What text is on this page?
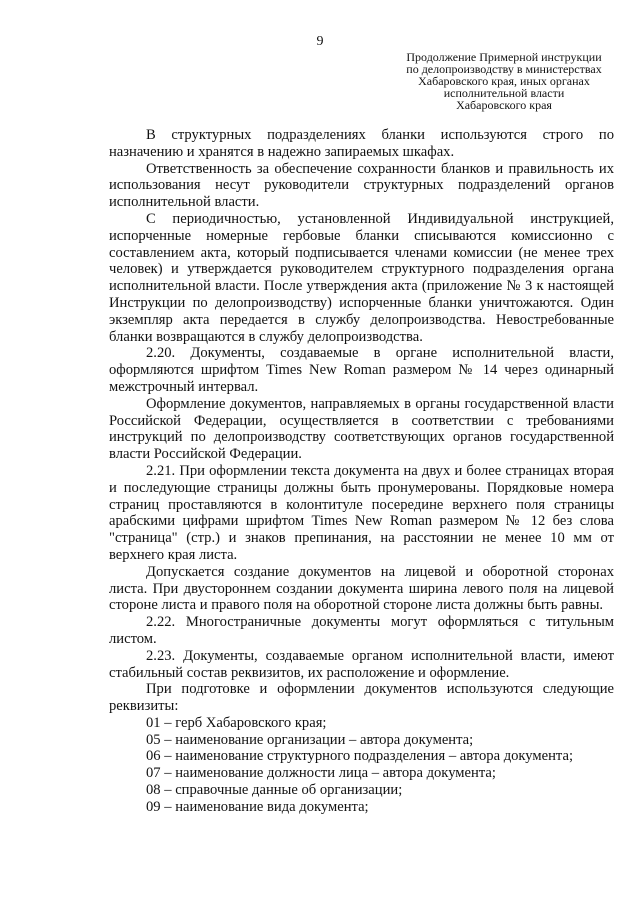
9
Продолжение Примерной инструкции
по делопроизводству в министерствах
Хабаровского края, иных органах
исполнительной власти
Хабаровского края

В структурных подразделениях бланки используются строго по назначению и хранятся в надежно запираемых шкафах.

Ответственность за обеспечение сохранности бланков и правильность их использования несут руководители структурных подразделений органов исполнительной власти.

С периодичностью, установленной Индивидуальной инструкцией, испорченные номерные гербовые бланки списываются комиссионно с составлением акта, который подписывается членами комиссии (не менее трех человек) и утверждается руководителем структурного подразделения органа исполнительной власти. После утверждения акта (приложение № 3 к настоящей Инструкции по делопроизводству) испорченные бланки уничтожаются. Один экземпляр акта передается в службу делопроизводства. Невостребованные бланки возвращаются в службу делопроизводства.

2.20. Документы, создаваемые в органе исполнительной власти, оформляются шрифтом Times New Roman размером № 14 через одинарный межстрочный интервал.

Оформление документов, направляемых в органы государственной власти Российской Федерации, осуществляется в соответствии с требованиями инструкций по делопроизводству соответствующих органов государственной власти Российской Федерации.

2.21. При оформлении текста документа на двух и более страницах вторая и последующие страницы должны быть пронумерованы. Порядковые номера страниц проставляются в колонтитуле посередине верхнего поля страницы арабскими цифрами шрифтом Times New Roman размером № 12 без слова "страница" (стр.) и знаков препинания, на расстоянии не менее 10 мм от верхнего края листа.

Допускается создание документов на лицевой и оборотной сторонах листа. При двустороннем создании документа ширина левого поля на лицевой стороне листа и правого поля на оборотной стороне листа должны быть равны.

2.22. Многостраничные документы могут оформляться с титульным листом.

2.23. Документы, создаваемые органом исполнительной власти, имеют стабильный состав реквизитов, их расположение и оформление.

При подготовке и оформлении документов используются следующие реквизиты:

01 – герб Хабаровского края;

05 – наименование организации – автора документа;

06 – наименование структурного подразделения – автора документа;

07 – наименование должности лица – автора документа;

08 – справочные данные об организации;

09 – наименование вида документа;
